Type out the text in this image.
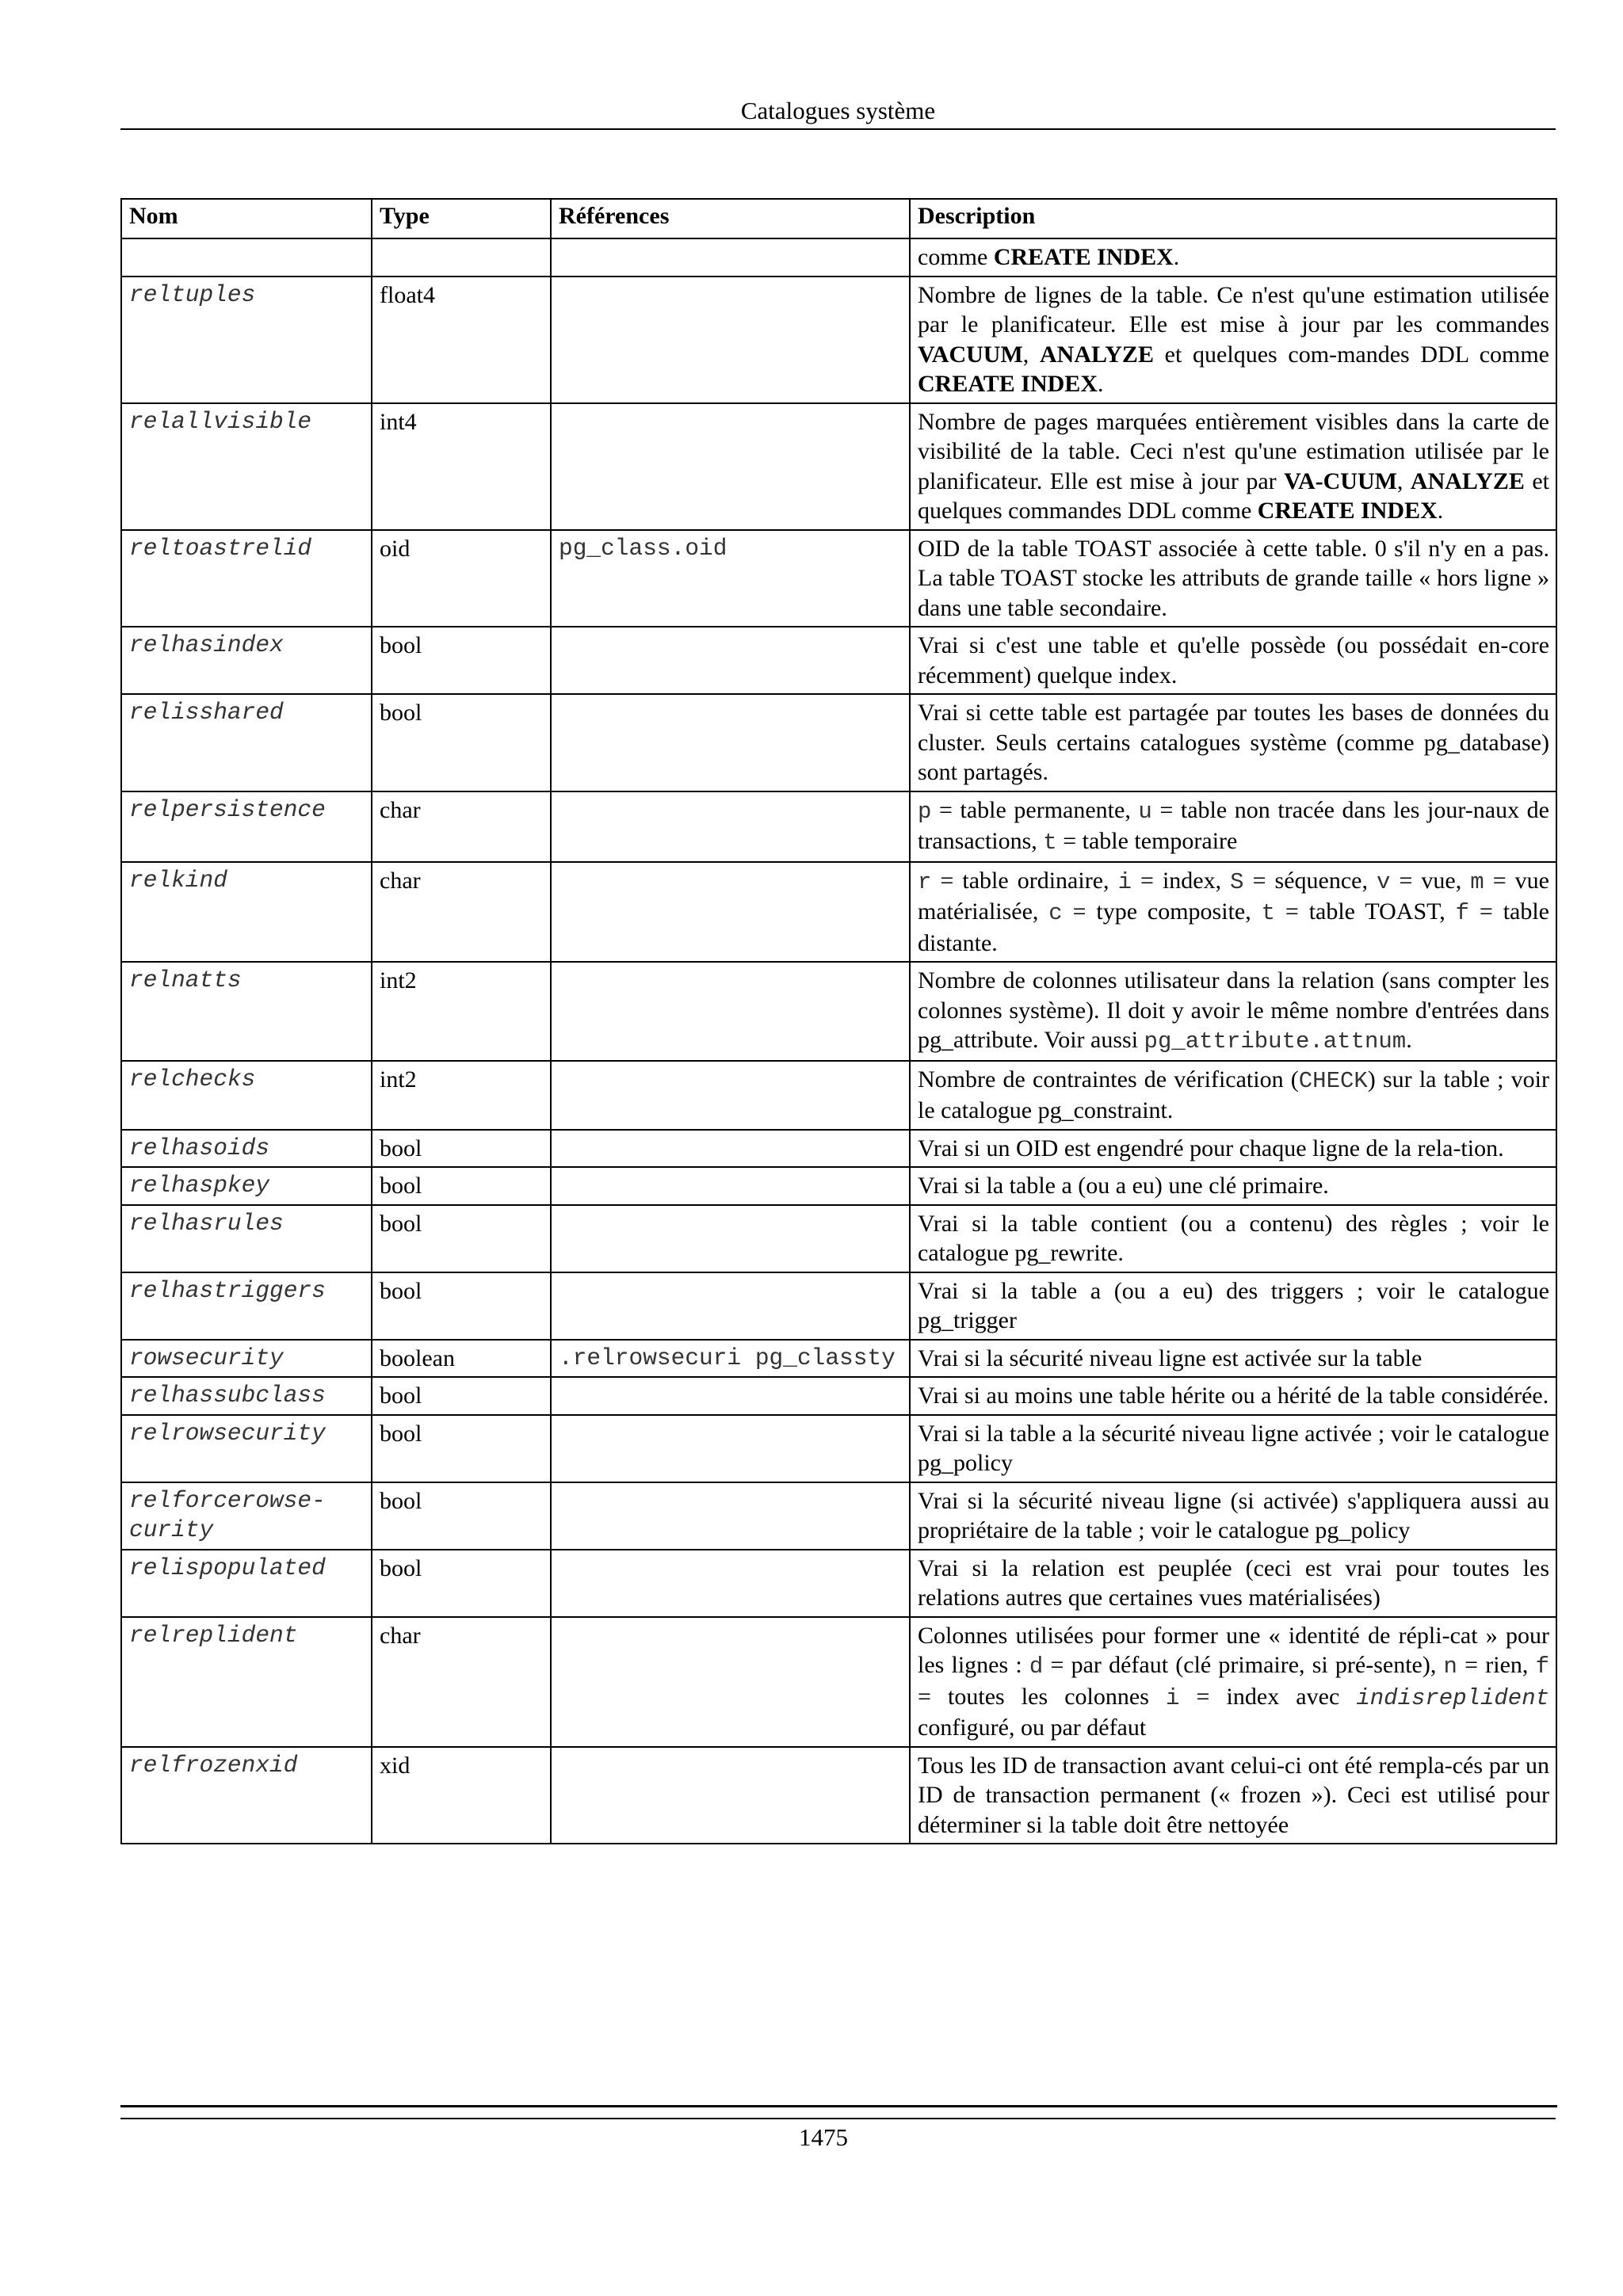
Catalogues système
Nom	Type	Références	Description
			comme CREATE INDEX.
reltuples	float4		Nombre de lignes de la table. Ce n'est qu'une estimation utilisée par le planificateur. Elle est mise à jour par les commandes VACUUM, ANALYZE et quelques com-mandes DDL comme CREATE INDEX.
relallvisible	int4		Nombre de pages marquées entièrement visibles dans la carte de visibilité de la table. Ceci n'est qu'une estimation utilisée par le planificateur. Elle est mise à jour par VA-CUUM, ANALYZE et quelques commandes DDL comme CREATE INDEX.
reltoastrelid	oid	pg_class.oid	OID de la table TOAST associée à cette table. 0 s'il n'y en a pas. La table TOAST stocke les attributs de grande taille « hors ligne » dans une table secondaire.
relhasindex	bool		Vrai si c'est une table et qu'elle possède (ou possédait en-core récemment) quelque index.
relisshared	bool		Vrai si cette table est partagée par toutes les bases de données du cluster. Seuls certains catalogues système (comme pg_database) sont partagés.
relpersistence	char		p = table permanente, u = table non tracée dans les jour-naux de transactions, t = table temporaire
relkind	char		r = table ordinaire, i = index, S = séquence, v = vue, m = vue matérialisée, c = type composite, t = table TOAST, f = table distante.
relnatts	int2		Nombre de colonnes utilisateur dans la relation (sans compter les colonnes système). Il doit y avoir le même nombre d'entrées dans pg_attribute. Voir aussi pg_attribute.attnum.
relchecks	int2		Nombre de contraintes de vérification (CHECK) sur la table ; voir le catalogue pg_constraint.
relhasoids	bool		Vrai si un OID est engendré pour chaque ligne de la rela-tion.
relhaspkey	bool		Vrai si la table a (ou a eu) une clé primaire.
relhasrules	bool		Vrai si la table contient (ou a contenu) des règles ; voir le catalogue pg_rewrite.
relhastriggers	bool		Vrai si la table a (ou a eu) des triggers ; voir le catalogue pg_trigger
rowsecurity	boolean	.relrowsecuri pg_classty	Vrai si la sécurité niveau ligne est activée sur la table
relhassubclass	bool		Vrai si au moins une table hérite ou a hérité de la table considérée.
relrowsecurity	bool		Vrai si la table a la sécurité niveau ligne activée ; voir le catalogue pg_policy
relforcerowse-curity	bool		Vrai si la sécurité niveau ligne (si activée) s'appliquera aussi au propriétaire de la table ; voir le catalogue pg_policy
relispopulated	bool		Vrai si la relation est peuplée (ceci est vrai pour toutes les relations autres que certaines vues matérialisées)
relreplident	char		Colonnes utilisées pour former une « identité de répli-cat » pour les lignes : d = par défaut (clé primaire, si pré-sente), n = rien, f = toutes les colonnes i = index avec indisreplident configuré, ou par défaut
relfrozenxid	xid		Tous les ID de transaction avant celui-ci ont été rempla-cés par un ID de transaction permanent (« frozen »). Ceci est utilisé pour déterminer si la table doit être nettoyée
1475
